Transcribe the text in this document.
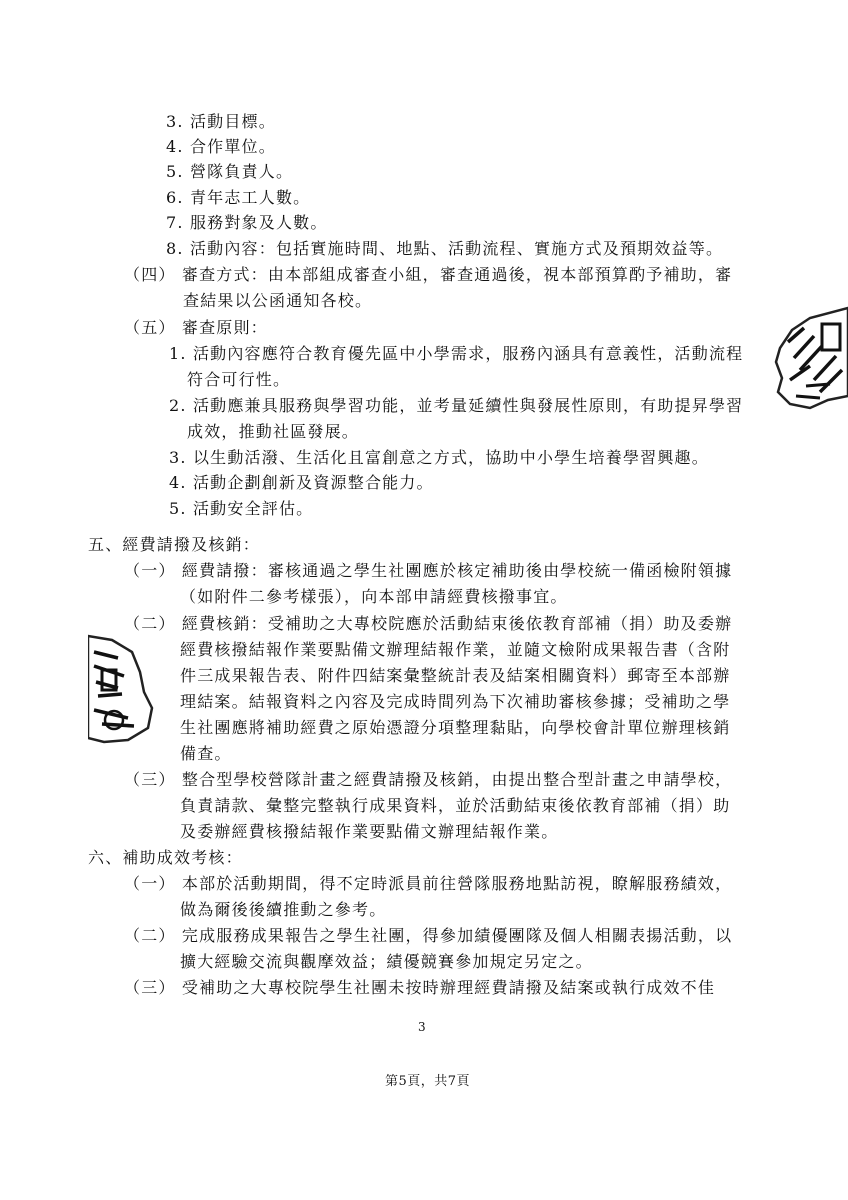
3. 活動目標。
4. 合作單位。
5. 營隊負責人。
6. 青年志工人數。
7. 服務對象及人數。
8. 活動內容：包括實施時間、地點、活動流程、實施方式及預期效益等。
（四） 審查方式：由本部組成審查小組，審查通過後，視本部預算酌予補助，審
查結果以公函通知各校。
（五） 審查原則：
1. 活動內容應符合教育優先區中小學需求，服務內涵具有意義性，活動流程
符合可行性。
2. 活動應兼具服務與學習功能，並考量延續性與發展性原則，有助提昇學習
成效，推動社區發展。
3. 以生動活潑、生活化且富創意之方式，協助中小學生培養學習興趣。
4. 活動企劃創新及資源整合能力。
5. 活動安全評估。
五、經費請撥及核銷：
（一） 經費請撥：審核通過之學生社團應於核定補助後由學校統一備函檢附領據
（如附件二參考樣張），向本部申請經費核撥事宜。
（二） 經費核銷：受補助之大專校院應於活動結束後依教育部補（捐）助及委辦
經費核撥結報作業要點備文辦理結報作業，並隨文檢附成果報告書（含附
件三成果報告表、附件四結案彙整統計表及結案相關資料）郵寄至本部辦
理結案。結報資料之內容及完成時間列為下次補助審核參據；受補助之學
生社團應將補助經費之原始憑證分項整理黏貼，向學校會計單位辦理核銷
備查。
（三） 整合型學校營隊計畫之經費請撥及核銷，由提出整合型計畫之申請學校，
負責請款、彙整完整執行成果資料，並於活動結束後依教育部補（捐）助
及委辦經費核撥結報作業要點備文辦理結報作業。
六、補助成效考核：
（一） 本部於活動期間，得不定時派員前往營隊服務地點訪視，瞭解服務績效，
做為爾後後續推動之參考。
（二） 完成服務成果報告之學生社團，得參加績優團隊及個人相關表揚活動，以
擴大經驗交流與觀摩效益；績優競賽參加規定另定之。
（三） 受補助之大專校院學生社團未按時辦理經費請撥及結案或執行成效不佳
3
第5頁，共7頁
